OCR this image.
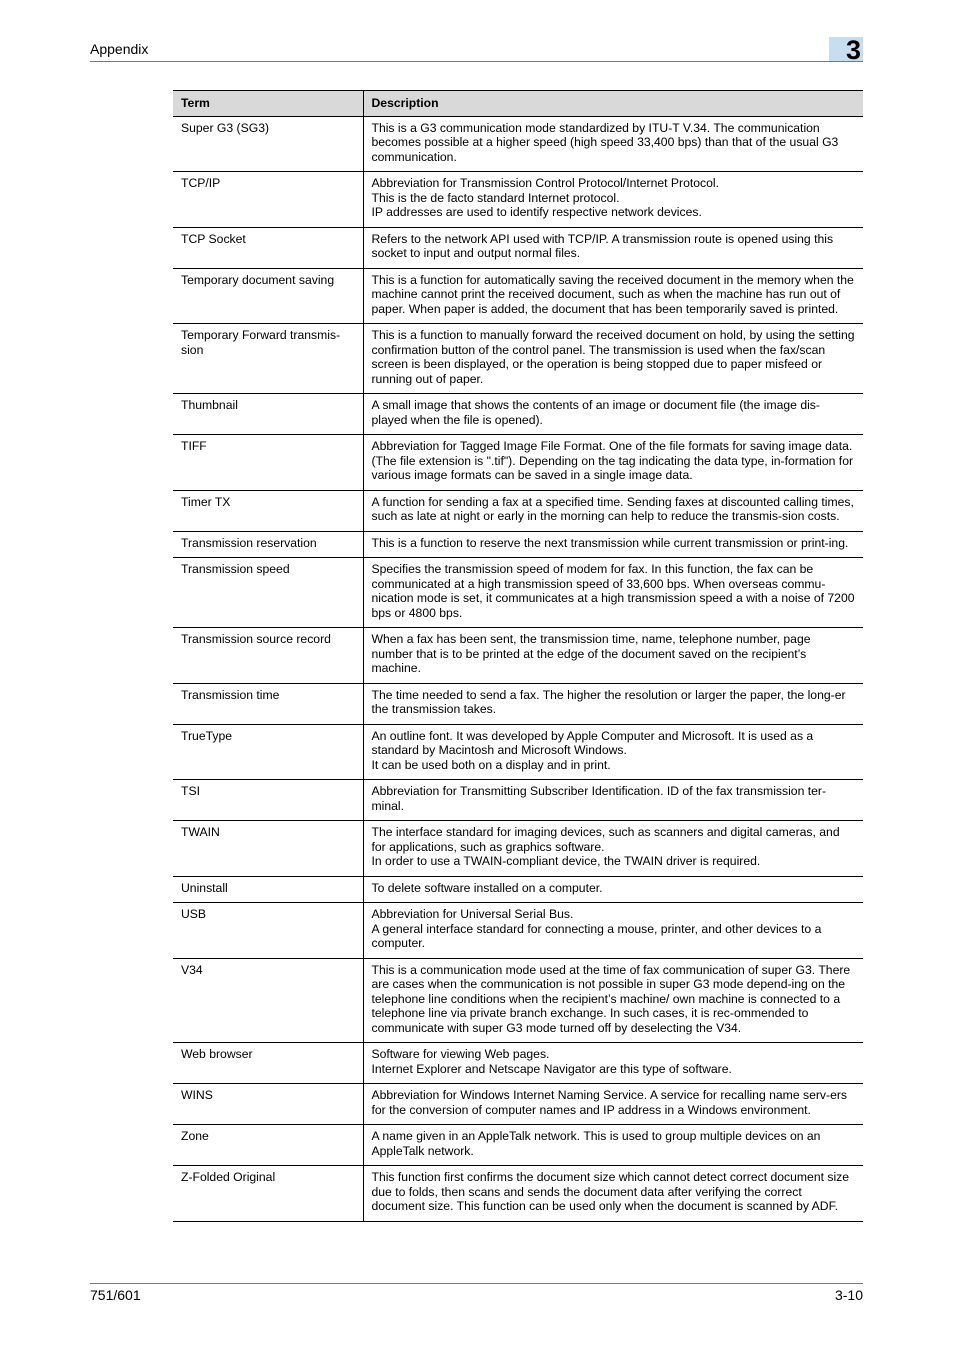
Appendix	3
Term	Description
Super G3 (SG3)	This is a G3 communication mode standardized by ITU-T V.34. The communication becomes possible at a higher speed (high speed 33,400 bps) than that of the usual G3 communication.

TCP/IP	Abbreviation for Transmission Control Protocol/Internet Protocol.
This is the de facto standard Internet protocol.
IP addresses are used to identify respective network devices.

TCP Socket	Refers to the network API used with TCP/IP. A transmission route is opened using this socket to input and output normal files.

Temporary document saving	This is a function for automatically saving the received document in the memory when the machine cannot print the received document, such as when the machine has run out of paper. When paper is added, the document that has been temporarily saved is printed.

Temporary Forward transmis-sion	This is a function to manually forward the received document on hold, by using the setting confirmation button of the control panel. The transmission is used when the fax/scan screen is been displayed, or the operation is being stopped due to paper misfeed or running out of paper.

Thumbnail	A small image that shows the contents of an image or document file (the image dis-played when the file is opened).

TIFF	Abbreviation for Tagged Image File Format. One of the file formats for saving image data. (The file extension is ".tif"). Depending on the tag indicating the data type, in-formation for various image formats can be saved in a single image data.

Timer TX	A function for sending a fax at a specified time. Sending faxes at discounted calling times, such as late at night or early in the morning can help to reduce the transmis-sion costs.

Transmission reservation	This is a function to reserve the next transmission while current transmission or print-ing.

Transmission speed	Specifies the transmission speed of modem for fax. In this function, the fax can be communicated at a high transmission speed of 33,600 bps. When overseas commu-nication mode is set, it communicates at a high transmission speed a with a noise of 7200 bps or 4800 bps.

Transmission source record	When a fax has been sent, the transmission time, name, telephone number, page number that is to be printed at the edge of the document saved on the recipient’s machine.

Transmission time	The time needed to send a fax. The higher the resolution or larger the paper, the long-er the transmission takes.

TrueType	An outline font. It was developed by Apple Computer and Microsoft. It is used as a standard by Macintosh and Microsoft Windows.
It can be used both on a display and in print.

TSI	Abbreviation for Transmitting Subscriber Identification. ID of the fax transmission ter-minal.

TWAIN	The interface standard for imaging devices, such as scanners and digital cameras, and for applications, such as graphics software.
In order to use a TWAIN-compliant device, the TWAIN driver is required.

Uninstall	To delete software installed on a computer.

USB	Abbreviation for Universal Serial Bus.
A general interface standard for connecting a mouse, printer, and other devices to a computer.

V34	This is a communication mode used at the time of fax communication of super G3. There are cases when the communication is not possible in super G3 mode depend-ing on the telephone line conditions when the recipient’s machine/ own machine is connected to a telephone line via private branch exchange. In such cases, it is rec-ommended to communicate with super G3 mode turned off by deselecting the V34.

Web browser	Software for viewing Web pages.
Internet Explorer and Netscape Navigator are this type of software.

WINS	Abbreviation for Windows Internet Naming Service. A service for recalling name serv-ers for the conversion of computer names and IP address in a Windows environment.

Zone	A name given in an AppleTalk network. This is used to group multiple devices on an AppleTalk network.

Z-Folded Original	This function first confirms the document size which cannot detect correct document size due to folds, then scans and sends the document data after verifying the correct document size. This function can be used only when the document is scanned by ADF.
751/601	3-10
